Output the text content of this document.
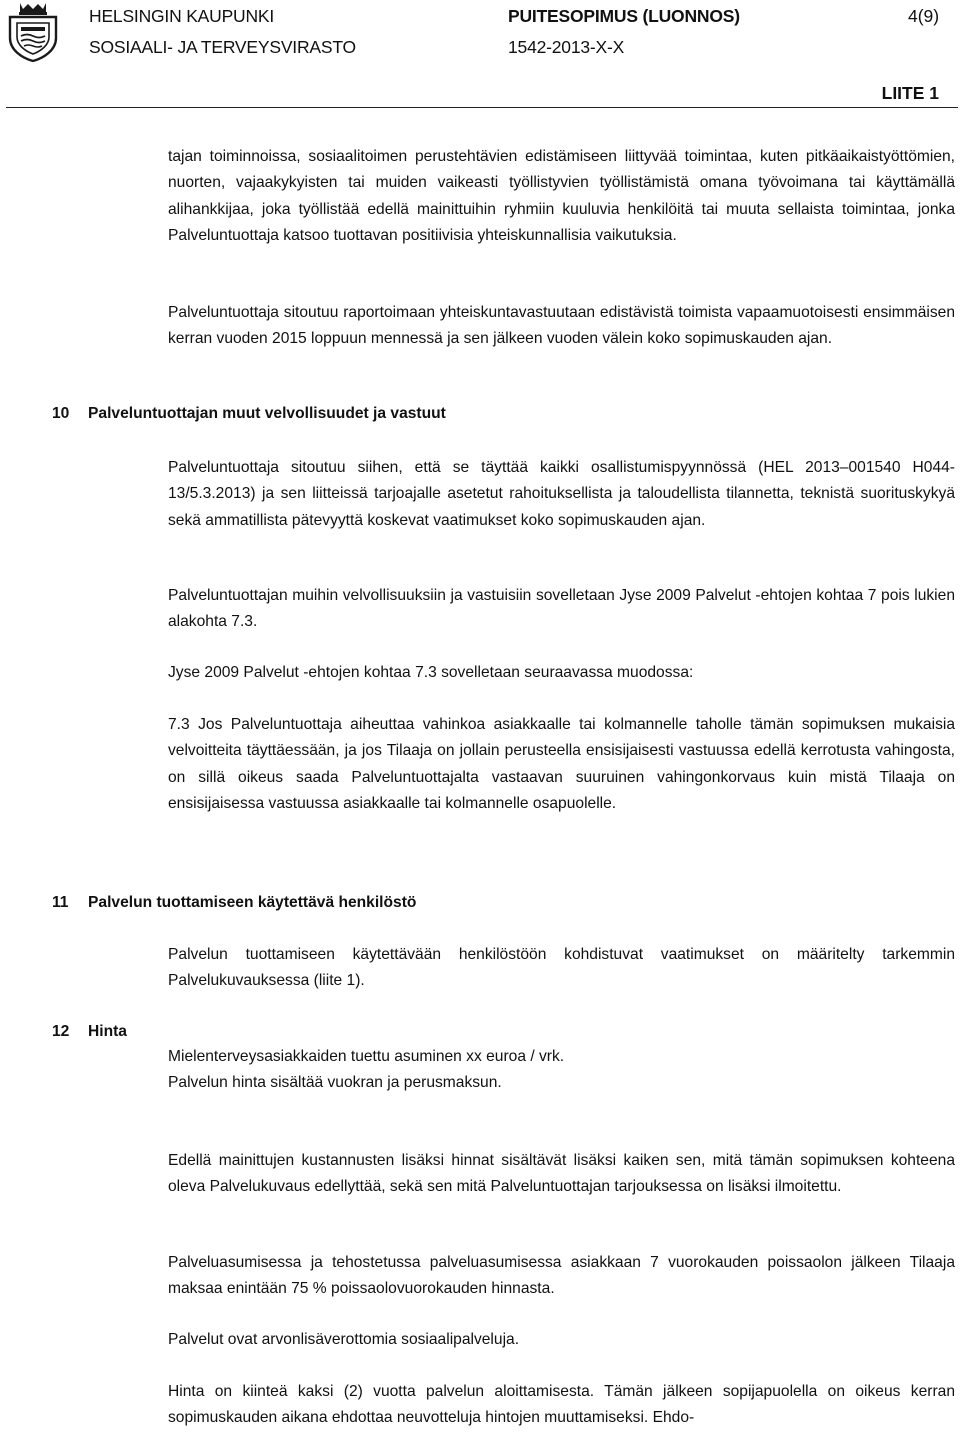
HELSINGIN KAUPUNKI
SOSIAALI- JA TERVEYSVIRASTO
PUITESOPIMUS (LUONNOS)
1542-2013-X-X
4(9)
LIITE 1

tajan toiminnoissa, sosiaalitoimen perustehtävien edistämiseen liittyvää toimintaa, kuten pitkäaikaistyöttömien, nuorten, vajaakykyisten tai muiden vaikeasti työllistyvien työllistämistä omana työvoimana tai käyttämällä alihankkijaa, joka työllistää edellä mainittuihin ryhmiin kuuluvia henkilöitä tai muuta sellaista toimintaa, jonka Palveluntuottaja katsoo tuottavan positiivisia yhteiskunnallisia vaikutuksia.

Palveluntuottaja sitoutuu raportoimaan yhteiskuntavastuutaan edistävistä toimista vapaamuotoisesti ensimmäisen kerran vuoden 2015 loppuun mennessä ja sen jälkeen vuoden välein koko sopimuskauden ajan.

10 Palveluntuottajan muut velvollisuudet ja vastuut

Palveluntuottaja sitoutuu siihen, että se täyttää kaikki osallistumispyynnössä (HEL 2013–001540 H044-13/5.3.2013) ja sen liitteissä tarjoajalle asetetut rahoituksellista ja taloudellista tilannetta, teknistä suorituskykyä sekä ammatillista pätevyyttä koskevat vaatimukset koko sopimuskauden ajan.

Palveluntuottajan muihin velvollisuuksiin ja vastuisiin sovelletaan Jyse 2009 Palvelut -ehtojen kohtaa 7 pois lukien alakohta 7.3.

Jyse 2009 Palvelut -ehtojen kohtaa 7.3 sovelletaan seuraavassa muodossa:

7.3 Jos Palveluntuottaja aiheuttaa vahinkoa asiakkaalle tai kolmannelle taholle tämän sopimuksen mukaisia velvoitteita täyttäessään, ja jos Tilaaja on jollain perusteella ensisijaisesti vastuussa edellä kerrotusta vahingosta, on sillä oikeus saada Palveluntuottajalta vastaavan suuruinen vahingonkorvaus kuin mistä Tilaaja on ensisijaisessa vastuussa asiakkaalle tai kolmannelle osapuolelle.

11 Palvelun tuottamiseen käytettävä henkilöstö

Palvelun tuottamiseen käytettävään henkilöstöön kohdistuvat vaatimukset on määritelty tarkemmin Palvelukuvauksessa (liite 1).

12 Hinta

Mielenterveysasiakkaiden tuettu asuminen xx euroa / vrk.
Palvelun hinta sisältää vuokran ja perusmaksun.

Edellä mainittujen kustannusten lisäksi hinnat sisältävät lisäksi kaiken sen, mitä tämän sopimuksen kohteena oleva Palvelukuvaus edellyttää, sekä sen mitä Palveluntuottajan tarjouksessa on lisäksi ilmoitettu.

Palveluasumisessa ja tehostetussa palveluasumisessa asiakkaan 7 vuorokauden poissaolon jälkeen Tilaaja maksaa enintään 75 % poissaolovuorokauden hinnasta.

Palvelut ovat arvonlisäverottomia sosiaalipalveluja.

Hinta on kiinteä kaksi (2) vuotta palvelun aloittamisesta. Tämän jälkeen sopijapuolella on oikeus kerran sopimuskauden aikana ehdottaa neuvotteluja hintojen muuttamiseksi. Ehdo-
